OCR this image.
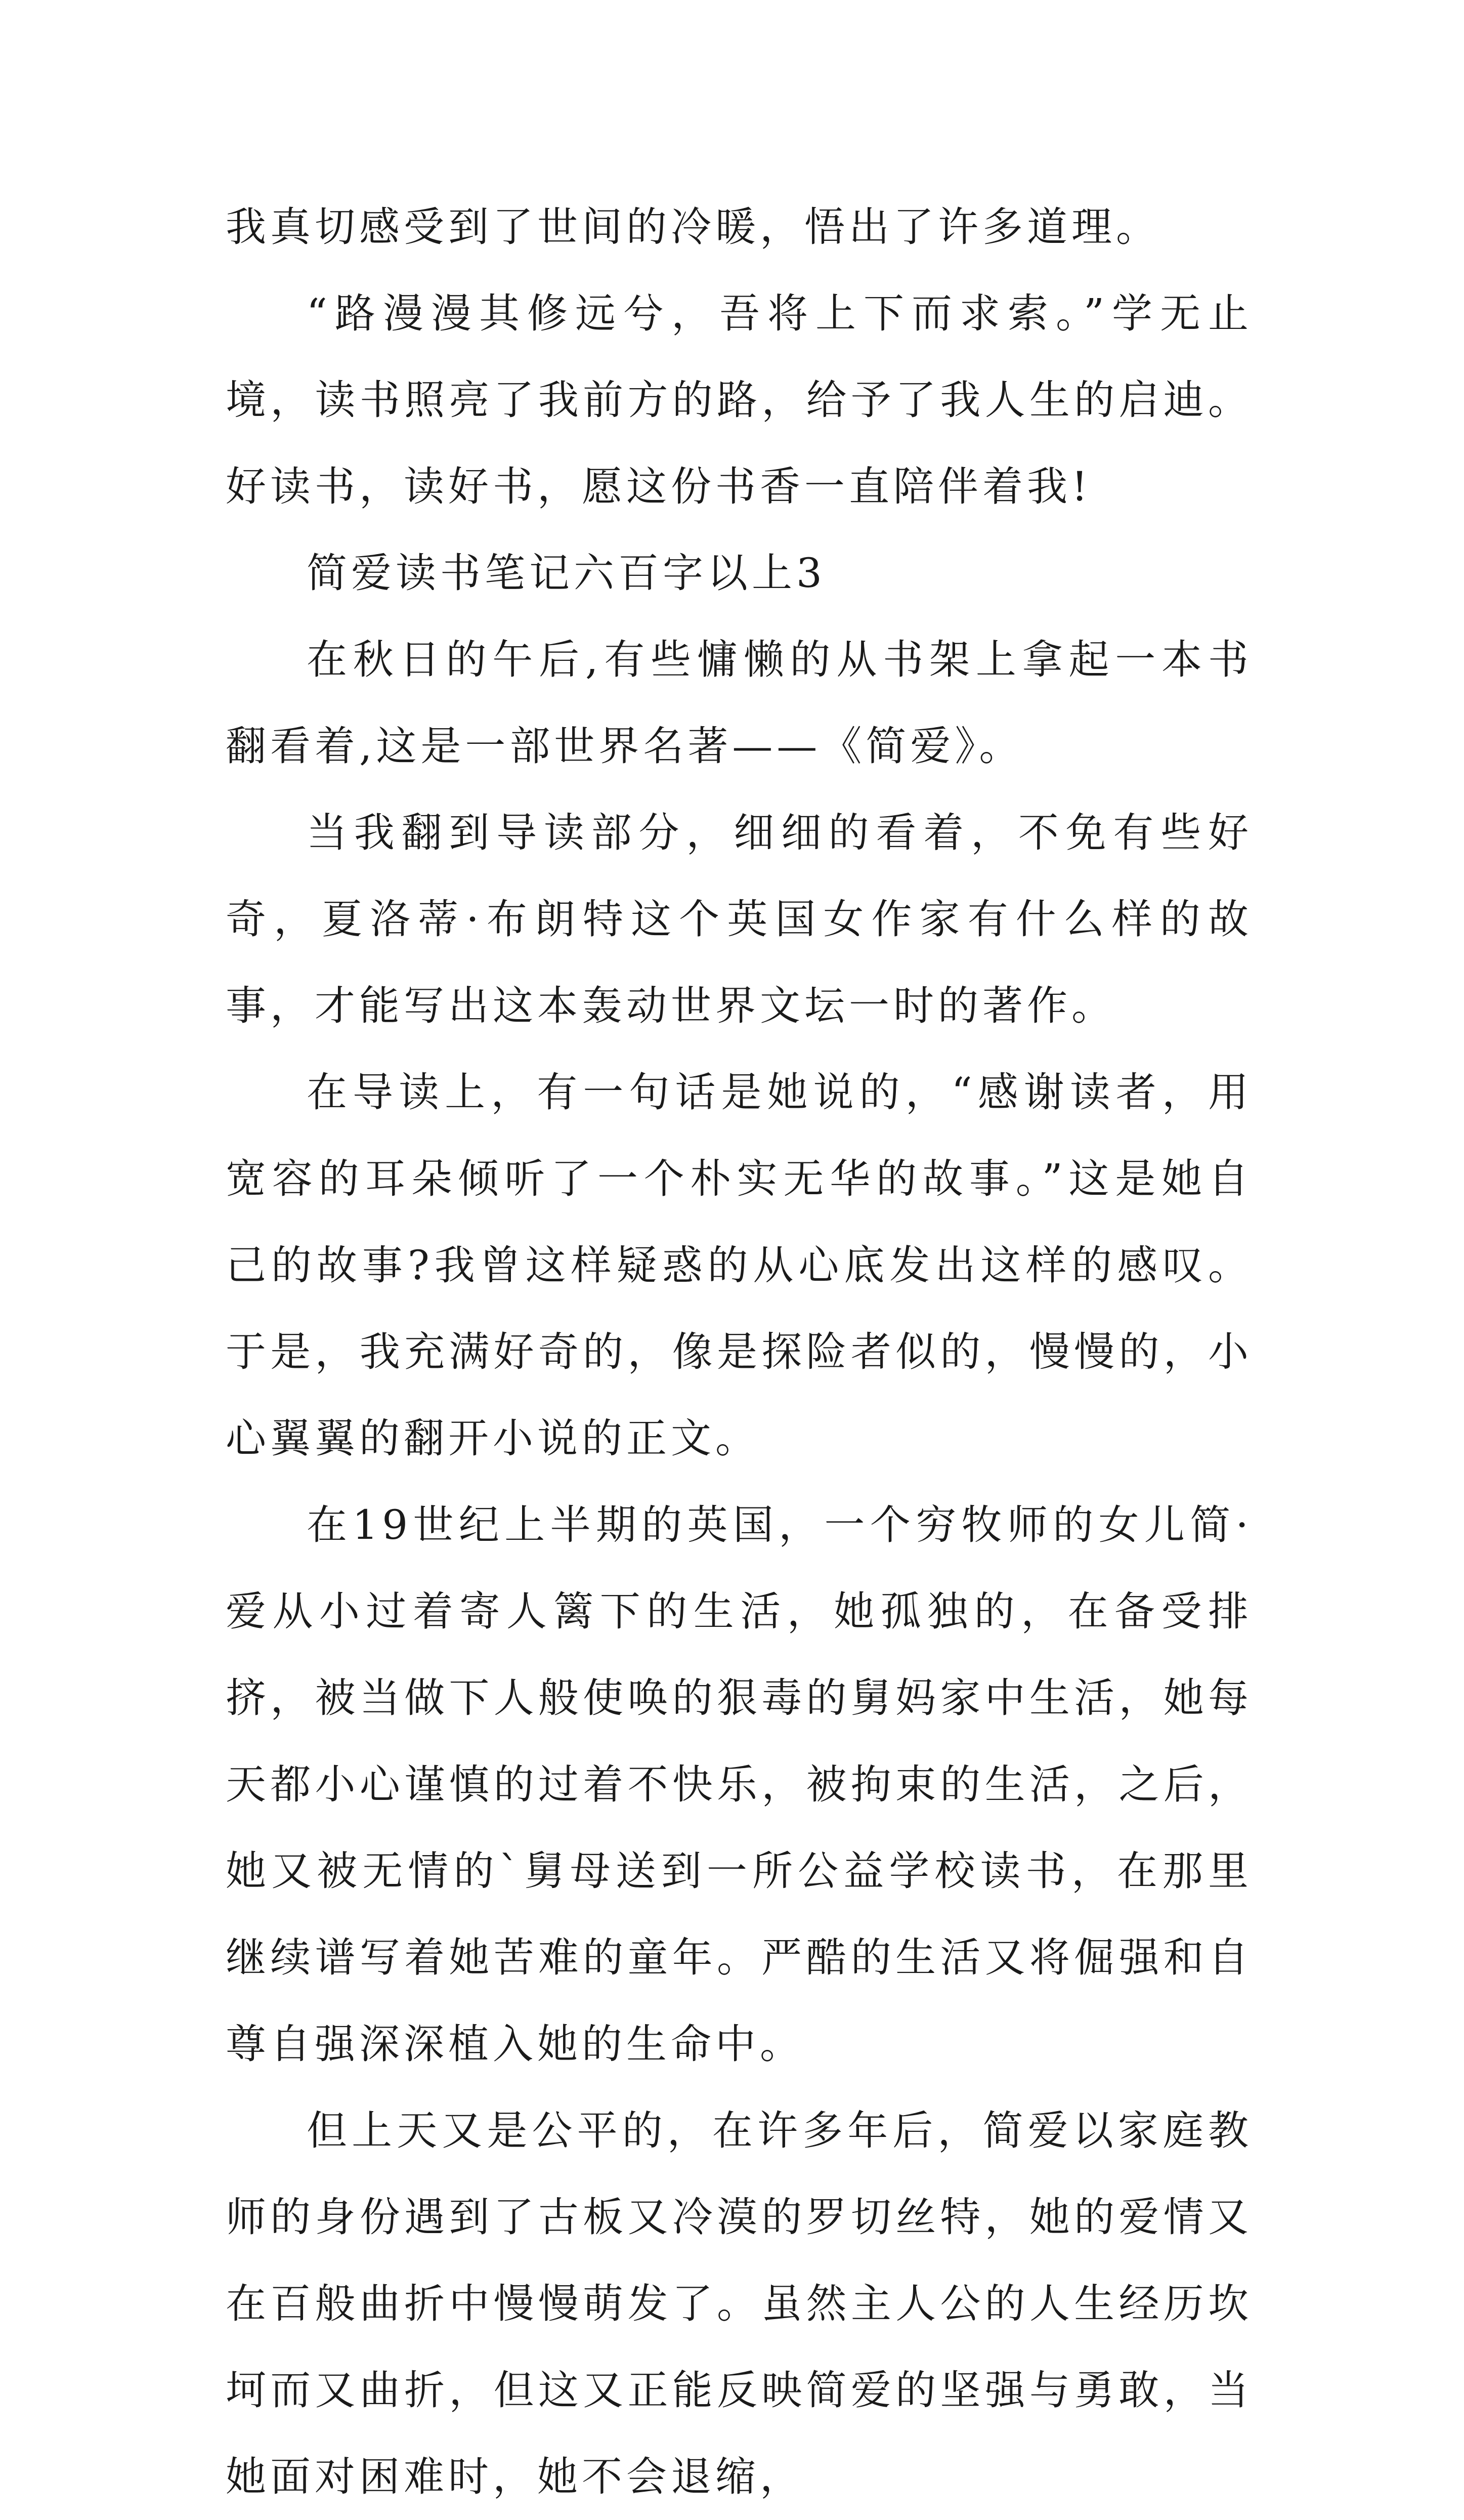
我真切感受到了世间的冷暖，悟出了许多道理。

“路漫漫其修远兮，吾将上下而求索。”学无止境，读书照亮了我前方的路，给予了我人生的启迪。好读书，读好书，愿这份书香一直陪伴着我!

简爱读书笔记六百字以上3

在秋日的午后,有些慵懒的从书架上拿起一本书翻看着,这是一部世界名著——《简爱》。

当我翻到导读部分，细细的看着，不免有些好奇，夏洛蒂·布朗特这个英国女作家有什么样的故事，才能写出这本轰动世界文坛一时的著作。

在导读上，有一句话是她说的，“感谢读者，用宽容的耳朵倾听了一个朴实无华的故事。”这是她自己的故事?我曾这样疑惑的从心底发出这样的感叹。于是，我充满好奇的，像是探险者似的，慢慢的，小心翼翼的翻开小说的正文。

在19世纪上半期的英国，一个穷牧师的女儿简·爱从小过着寄人篱下的生活，她孤独的，在备受排挤，被当做下人般使唤的狠毒的舅妈家中生活，她每天都小心谨慎的过着不快乐，被拘束的生活，之后，她又被无情的`舅母送到一所公益学校读书，在那里继续谱写着她苦难的童年。严酷的生活又将倔强和自尊自强深深植入她的生命中。

但上天又是公平的，在许多年后，简爱以家庭教师的身份遇到了古板又冷漠的罗切丝特，她的爱情又在百般曲折中慢慢萌发了。虽然主人公的人生经历坎坷而又曲折，但这又正能反映简爱的坚强与勇敢，当她面对困难时，她不会退缩，
